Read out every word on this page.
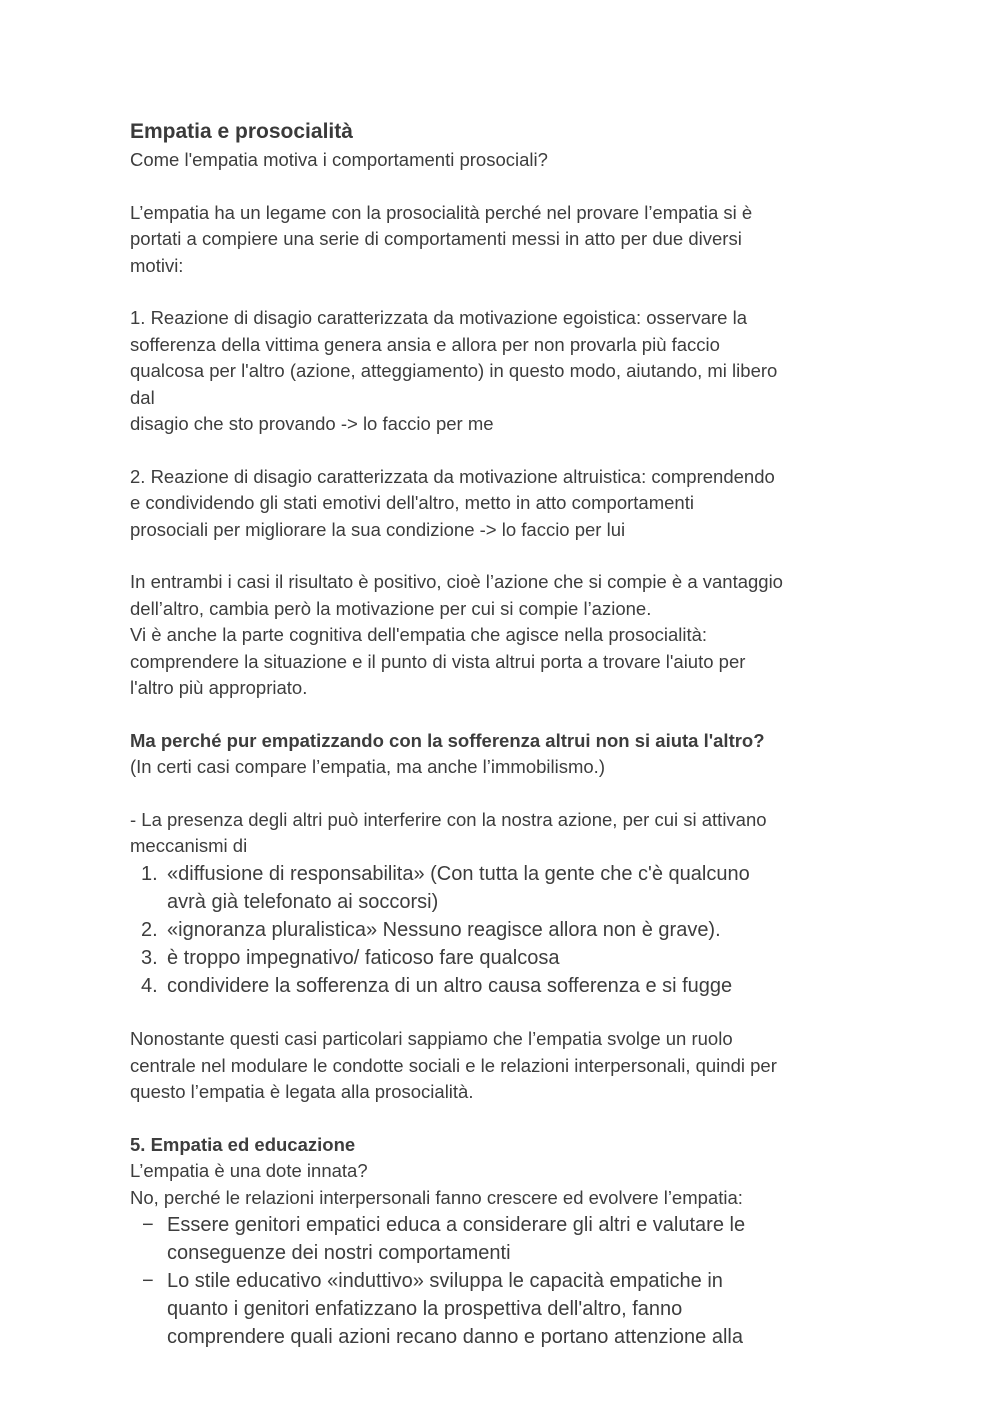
Empatia e prosocialità

Come l'empatia motiva i comportamenti prosociali?

L’empatia ha un legame con la prosocialità perché nel provare l’empatia si è

portati a compiere una serie di comportamenti messi in atto per due diversi

motivi:

1. Reazione di disagio caratterizzata da motivazione egoistica: osservare la

sofferenza della vittima genera ansia e allora per non provarla più faccio

qualcosa per l'altro (azione, atteggiamento) in questo modo, aiutando, mi libero

dal

disagio che sto provando -> lo faccio per me

2. Reazione di disagio caratterizzata da motivazione altruistica: comprendendo

e condividendo gli stati emotivi dell'altro, metto in atto comportamenti

prosociali per migliorare la sua condizione -> lo faccio per lui

In entrambi i casi il risultato è positivo, cioè l’azione che si compie è a vantaggio

dell’altro, cambia però la motivazione per cui si compie l’azione.

Vi è anche la parte cognitiva dell'empatia che agisce nella prosocialità:

comprendere la situazione e il punto di vista altrui porta a trovare l'aiuto per

l'altro più appropriato.

Ma perché pur empatizzando con la sofferenza altrui non si aiuta l'altro?

(In certi casi compare l’empatia, ma anche l’immobilismo.)

- La presenza degli altri può interferire con la nostra azione, per cui si attivano

meccanismi di

1. «diffusione di responsabilita» (Con tutta la gente che c'è qualcuno
avrà già telefonato ai soccorsi)
2. «ignoranza pluralistica» Nessuno reagisce allora non è grave).
3. è troppo impegnativo/ faticoso fare qualcosa
4. condividere la sofferenza di un altro causa sofferenza e si fugge

Nonostante questi casi particolari sappiamo che l’empatia svolge un ruolo

centrale nel modulare le condotte sociali e le relazioni interpersonali, quindi per

questo l’empatia è legata alla prosocialità.

5. Empatia ed educazione

L’empatia è una dote innata?

No, perché le relazioni interpersonali fanno crescere ed evolvere l’empatia:

− Essere genitori empatici educa a considerare gli altri e valutare le
conseguenze dei nostri comportamenti
− Lo stile educativo «induttivo» sviluppa le capacità empatiche in
quanto i genitori enfatizzano la prospettiva dell'altro, fanno
comprendere quali azioni recano danno e portano attenzione alla
